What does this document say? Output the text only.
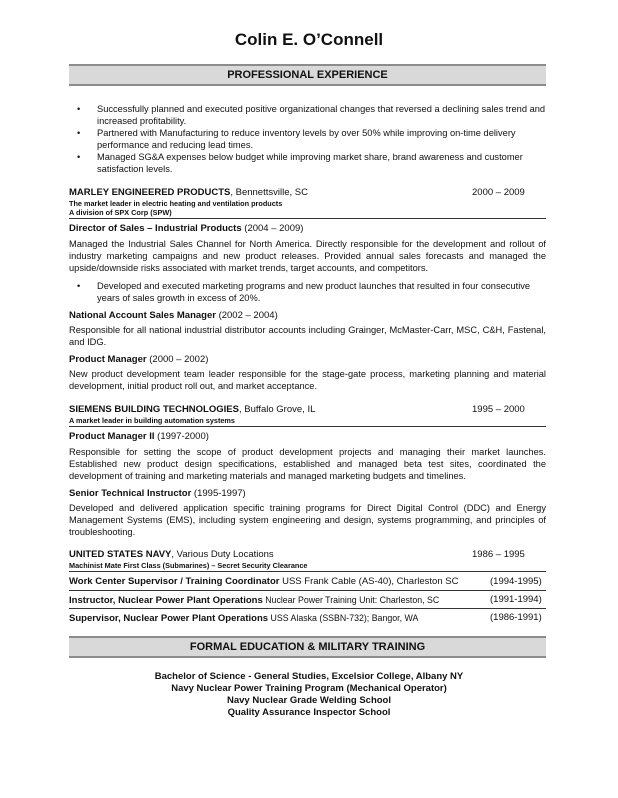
Colin E. O’Connell
PROFESSIONAL EXPERIENCE
• Successfully planned and executed positive organizational changes that reversed a declining sales trend and increased profitability.
• Partnered with Manufacturing to reduce inventory levels by over 50% while improving on-time delivery performance and reducing lead times.
• Managed SG&A expenses below budget while improving market share, brand awareness and customer satisfaction levels.
MARLEY ENGINEERED PRODUCTS, Bennettsville, SC	2000 – 2009
The market leader in electric heating and ventilation products
A division of SPX Corp (SPW)
Director of Sales – Industrial Products (2004 – 2009)
Managed the Industrial Sales Channel for North America. Directly responsible for the development and rollout of industry marketing campaigns and new product releases. Provided annual sales forecasts and managed the upside/downside risks associated with market trends, target accounts, and competitors.
• Developed and executed marketing programs and new product launches that resulted in four consecutive years of sales growth in excess of 20%.
National Account Sales Manager (2002 – 2004)
Responsible for all national industrial distributor accounts including Grainger, McMaster-Carr, MSC, C&H, Fastenal, and IDG.
Product Manager (2000 – 2002)
New product development team leader responsible for the stage-gate process, marketing planning and material development, initial product roll out, and market acceptance.
SIEMENS BUILDING TECHNOLOGIES, Buffalo Grove, IL	1995 – 2000
A market leader in building automation systems
Product Manager II (1997-2000)
Responsible for setting the scope of product development projects and managing their market launches. Established new product design specifications, established and managed beta test sites, coordinated the development of training and marketing materials and managed marketing budgets and timelines.
Senior Technical Instructor (1995-1997)
Developed and delivered application specific training programs for Direct Digital Control (DDC) and Energy Management Systems (EMS), including system engineering and design, systems programming, and principles of troubleshooting.
UNITED STATES NAVY, Various Duty Locations	1986 – 1995
Machinist Mate First Class (Submarines) – Secret Security Clearance
Work Center Supervisor / Training Coordinator USS Frank Cable (AS-40), Charleston SC	(1994-1995)
Instructor, Nuclear Power Plant Operations Nuclear Power Training Unit: Charleston, SC	(1991-1994)
Supervisor, Nuclear Power Plant Operations USS Alaska (SSBN-732); Bangor, WA	(1986-1991)
FORMAL EDUCATION & MILITARY TRAINING
Bachelor of Science - General Studies, Excelsior College, Albany NY
Navy Nuclear Power Training Program (Mechanical Operator)
Navy Nuclear Grade Welding School
Quality Assurance Inspector School
